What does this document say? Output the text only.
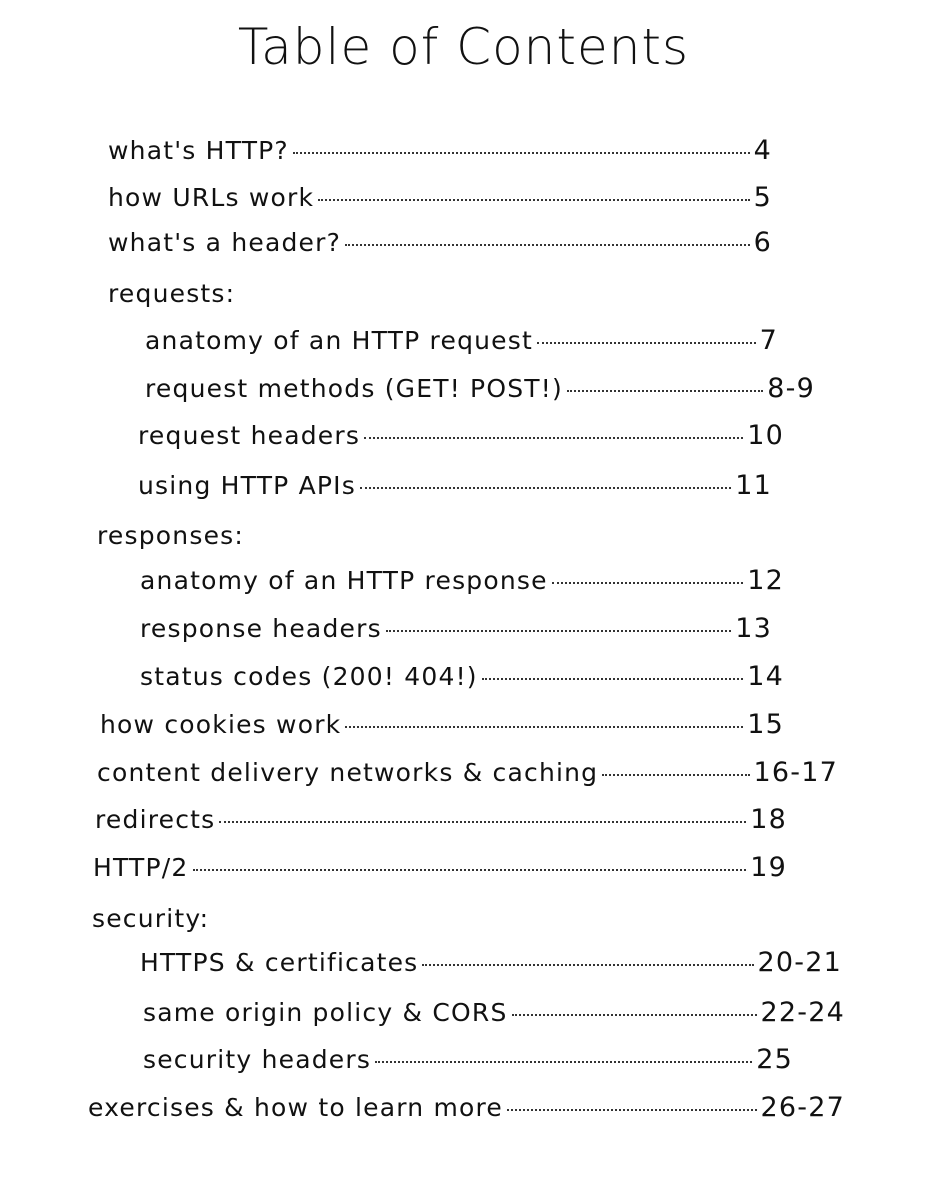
Table of Contents
what's HTTP?	4
how URLs work	5
what's a header?	6
requests:
anatomy of an HTTP request	7
request methods (GET! POST!)	8-9
request headers	10
using HTTP APIs	11
responses:
anatomy of an HTTP response	12
response headers	13
status codes (200! 404!)	14
how cookies work	15
content delivery networks & caching	16-17
redirects	18
HTTP/2	19
security:
HTTPS & certificates	20-21
same origin policy & CORS	22-24
security headers	25
exercises & how to learn more	26-27
